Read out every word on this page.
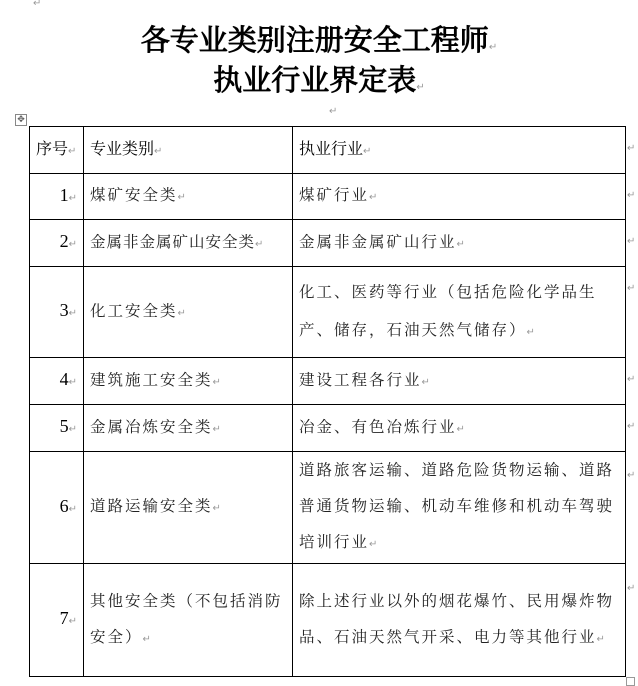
↵
各专业类别注册安全工程师↵
执业行业界定表↵
↵
✥
序号↵	专业类别↵	执业行业↵
1↵	煤矿安全类↵	煤矿行业↵
2↵	金属非金属矿山安全类↵	金属非金属矿山行业↵
3↵	化工安全类↵	化工、医药等行业（包括危险化学品生产、储存，石油天然气储存）↵
4↵	建筑施工安全类↵	建设工程各行业↵
5↵	金属冶炼安全类↵	冶金、有色冶炼行业↵
6↵	道路运输安全类↵	道路旅客运输、道路危险货物运输、道路普通货物运输、机动车维修和机动车驾驶培训行业↵
7↵	其他安全类（不包括消防安全）↵	除上述行业以外的烟花爆竹、民用爆炸物品、石油天然气开采、电力等其他行业↵
↵
↵
↵
↵
↵
↵
↵
↵
